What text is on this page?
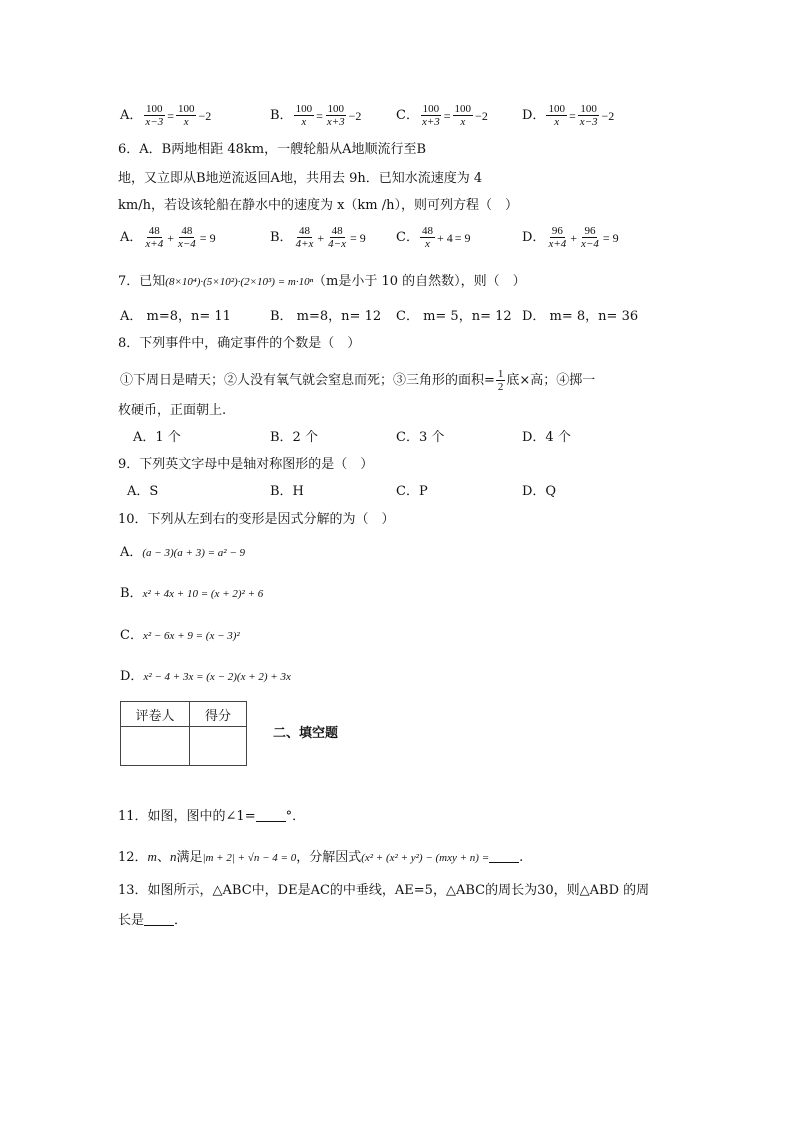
A． $\frac{100}{x-3} = \frac{100}{x} -2$	B． $\frac{100}{x} = \frac{100}{x+3} -2$	C． $\frac{100}{x+3} = \frac{100}{x} -2$	D． $\frac{100}{x} = \frac{100}{x-3} -2$
6．A．B两地相距 48km，一艘轮船从A地顺流行至B
地，又立即从B地逆流返回A地，共用去 9h．已知水流速度为 4
km/h，若设该轮船在静水中的速度为 x（km /h），则可列方程（　）
A． $\frac{48}{x+4} + \frac{48}{x-4} = 9$	B． $\frac{48}{4+x} + \frac{48}{4-x} = 9$ C． $\frac{48}{x} + 4 = 9$	D． $\frac{96}{x+4} + \frac{96}{x-4} = 9$
7．已知(8×10⁴)·(5×10²)·(2×10³) = m·10ⁿ（m是小于 10 的自然数），则（　）
A． m=8，n= 11	B． m=8，n= 12 C． m= 5，n= 12 D． m= 8，n= 36
8．下列事件中，确定事件的个数是（　）
①下周日是晴天；②人没有氧气就会窒息而死；③三角形的面积= $\frac{1}{2}$ 底×高；④掷一
枚硬币，正面朝上.
A．1 个	B．2 个	C．3 个	D．4 个
9．下列英文字母中是轴对称图形的是（　）
A．S	B．H	C．P	D．Q
10．下列从左到右的变形是因式分解的为（　）
A．(a − 3)(a + 3) = a² − 9
B．x² + 4x + 10 = (x + 2)² + 6
C．x² − 6x + 9 = (x − 3)²
D．x² − 4 + 3x = (x − 2)(x + 2) + 3x
评卷人	得分

二、填空题
11．如图，图中的∠1= °．
12．m、n满足|m + 2| + √n − 4 = 0，分解因式(x² + (x² + y²) − (mxy + n) = .
13．如图所示，△ABC中，DE是AC的中垂线，AE=5，△ABC的周长为30，则△ABD 的周
长是 ．
